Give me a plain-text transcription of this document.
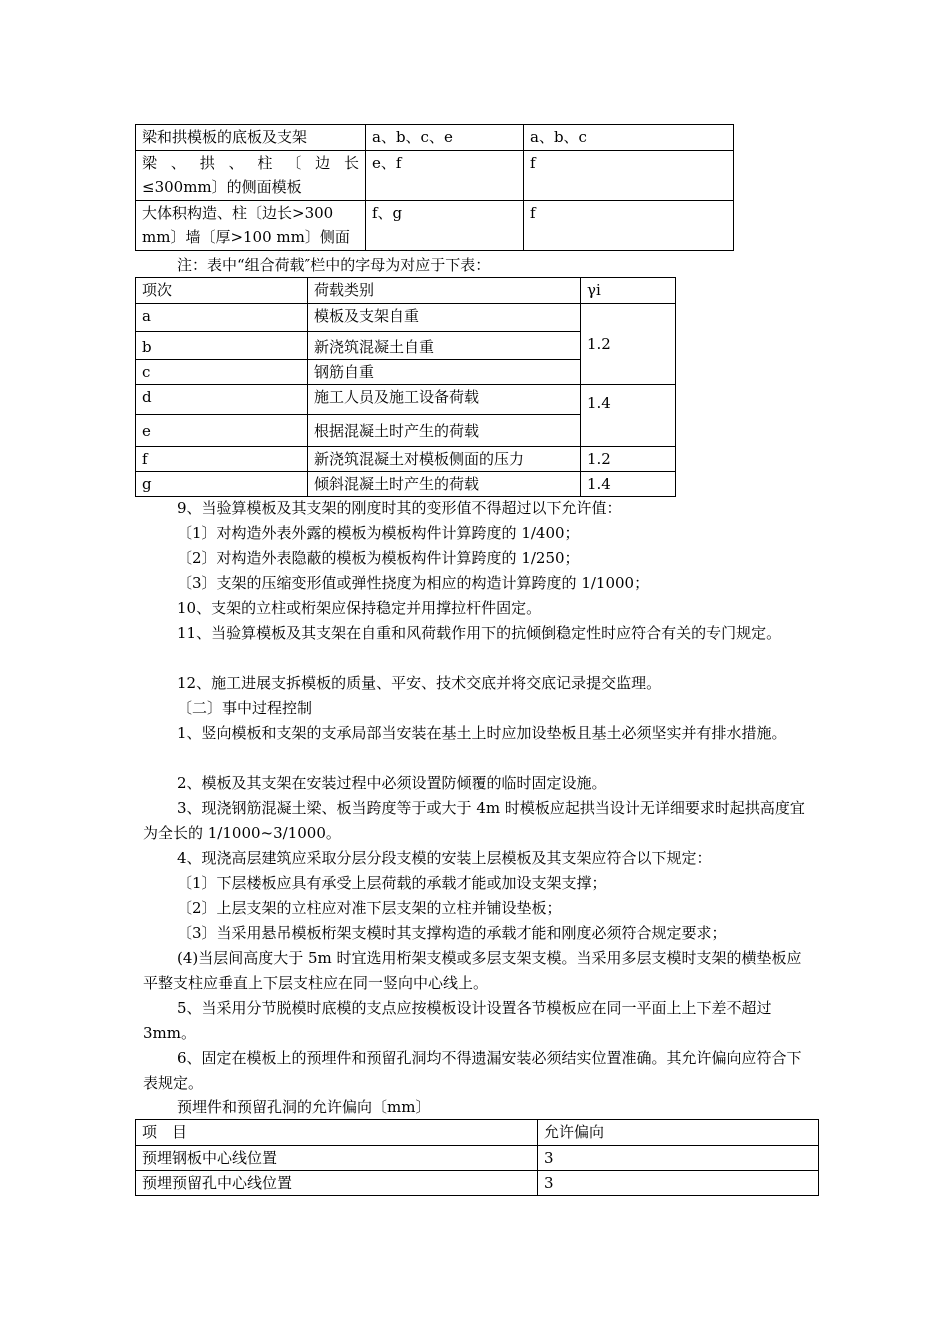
梁和拱模板的底板及支架	a、b、c、e	a、b、c

梁 、 拱 、 柱 〔 边 长
≤300mm〕的侧面模板	e、f	f

大体积构造、柱〔边长>300
mm〕墙〔厚>100 mm〕侧面	f、g	f
注：表中“组合荷载″栏中的字母为对应于下表：
项次	荷载类别	γi
a	模板及支架自重	1.2
b	新浇筑混凝土自重	
c	钢筋自重	
d	施工人员及施工设备荷载	1.4
e	根据混凝土时产生的荷载	
f	新浇筑混凝土对模板侧面的压力	1.2
g	倾斜混凝土时产生的荷载	1.4
9、当验算模板及其支架的刚度时其的变形值不得超过以下允许值：
〔1〕对构造外表外露的模板为模板构件计算跨度的 1/400；
〔2〕对构造外表隐蔽的模板为模板构件计算跨度的 1/250；
〔3〕支架的压缩变形值或弹性挠度为相应的构造计算跨度的 1/1000；
10、支架的立柱或桁架应保持稳定并用撑拉杆件固定。
11、当验算模板及其支架在自重和风荷载作用下的抗倾倒稳定性时应符合有关的专门规定。
12、施工进展支拆模板的质量、平安、技术交底并将交底记录提交监理。
〔二〕事中过程控制
1、竖向模板和支架的支承局部当安装在基土上时应加设垫板且基土必须坚实并有排水措施。
2、模板及其支架在安装过程中必须设置防倾覆的临时固定设施。
3、现浇钢筋混凝土梁、板当跨度等于或大于 4m 时模板应起拱当设计无详细要求时起拱高度宜为全长的 1/1000~3/1000。
4、现浇高层建筑应采取分层分段支模的安装上层模板及其支架应符合以下规定：
〔1〕下层楼板应具有承受上层荷载的承载才能或加设支架支撑；
〔2〕上层支架的立柱应对准下层支架的立柱并铺设垫板；
〔3〕当采用悬吊模板桁架支模时其支撑构造的承载才能和刚度必须符合规定要求；
(4)当层间高度大于 5m 时宜选用桁架支模或多层支架支模。当采用多层支模时支架的横垫板应平整支柱应垂直上下层支柱应在同一竖向中心线上。
5、当采用分节脱模时底模的支点应按模板设计设置各节模板应在同一平面上上下差不超过 3mm。
6、固定在模板上的预埋件和预留孔洞均不得遗漏安装必须结实位置准确。其允许偏向应符合下表规定。
预埋件和预留孔洞的允许偏向〔mm〕
项　目	允许偏向
预埋钢板中心线位置	3
预埋预留孔中心线位置	3
